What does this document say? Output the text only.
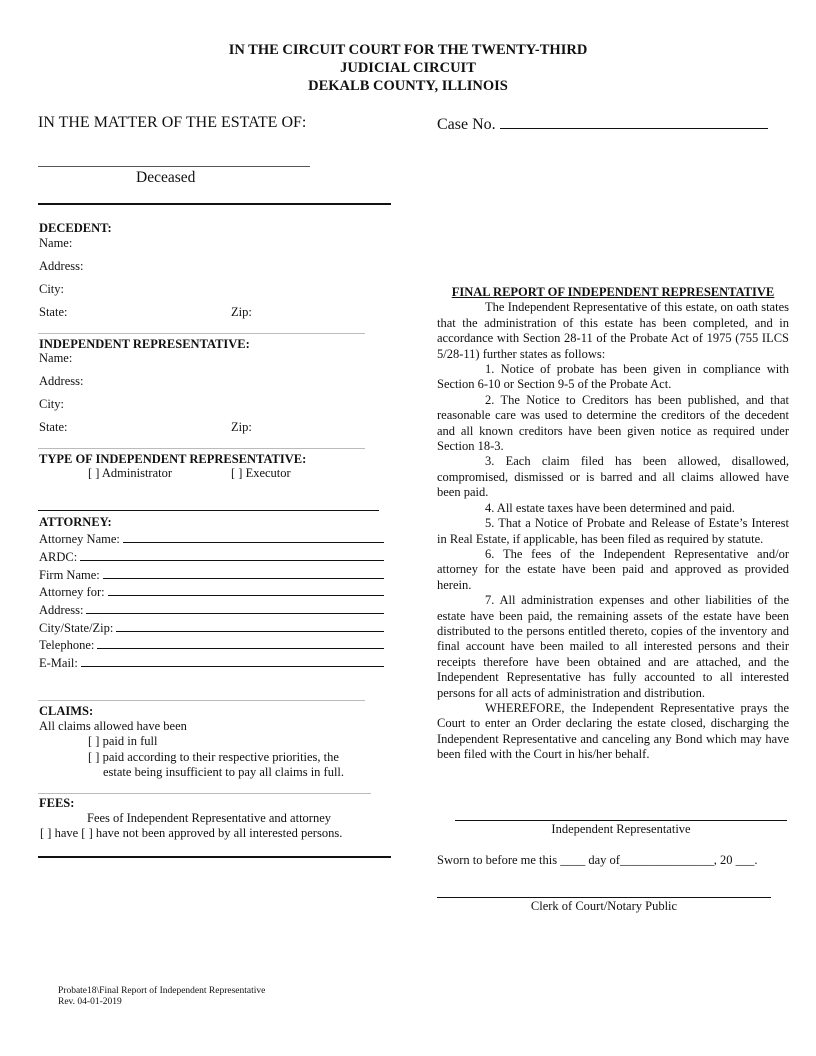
IN THE CIRCUIT COURT FOR THE TWENTY-THIRD
JUDICIAL CIRCUIT
DEKALB COUNTY, ILLINOIS
IN THE MATTER OF THE ESTATE OF:	Case No.
Deceased
DECEDENT:
Name:
Address:
City:
State:	Zip:
INDEPENDENT REPRESENTATIVE:
Name:
Address:
City:
State:	Zip:
TYPE OF INDEPENDENT REPRESENTATIVE:
[ ] Administrator	[ ] Executor
ATTORNEY:
Attorney Name:
ARDC:
Firm Name:
Attorney for:
Address:
City/State/Zip:
Telephone:
E-Mail:
CLAIMS:
All claims allowed have been
[ ] paid in full
[ ] paid according to their respective priorities, the
estate being insufficient to pay all claims in full.
FEES:
Fees of Independent Representative and attorney
[ ] have [ ] have not been approved by all interested persons.

FINAL REPORT OF INDEPENDENT REPRESENTATIVE

The Independent Representative of this estate, on oath states that the administration of this estate has been completed, and in accordance with Section 28-11 of the Probate Act of 1975 (755 ILCS 5/28-11) further states as follows:

1. Notice of probate has been given in compliance with Section 6-10 or Section 9-5 of the Probate Act.

2. The Notice to Creditors has been published, and that reasonable care was used to determine the creditors of the decedent and all known creditors have been given notice as required under Section 18-3.

3. Each claim filed has been allowed, disallowed, compromised, dismissed or is barred and all claims allowed have been paid.

4. All estate taxes have been determined and paid.

5. That a Notice of Probate and Release of Estate’s Interest in Real Estate, if applicable, has been filed as required by statute.

6. The fees of the Independent Representative and/or attorney for the estate have been paid and approved as provided herein.

7. All administration expenses and other liabilities of the estate have been paid, the remaining assets of the estate have been distributed to the persons entitled thereto, copies of the inventory and final account have been mailed to all interested persons and their receipts therefore have been obtained and are attached, and the Independent Representative has fully accounted to all interested persons for all acts of administration and distribution.

WHEREFORE, the Independent Representative prays the Court to enter an Order declaring the estate closed, discharging the Independent Representative and canceling any Bond which may have been filed with the Court in his/her behalf.

Independent Representative
Sworn to before me this ____ day of_______________, 20 ___.
Clerk of Court/Notary Public
Probate18\Final Report of Independent Representative
Rev. 04-01-2019
